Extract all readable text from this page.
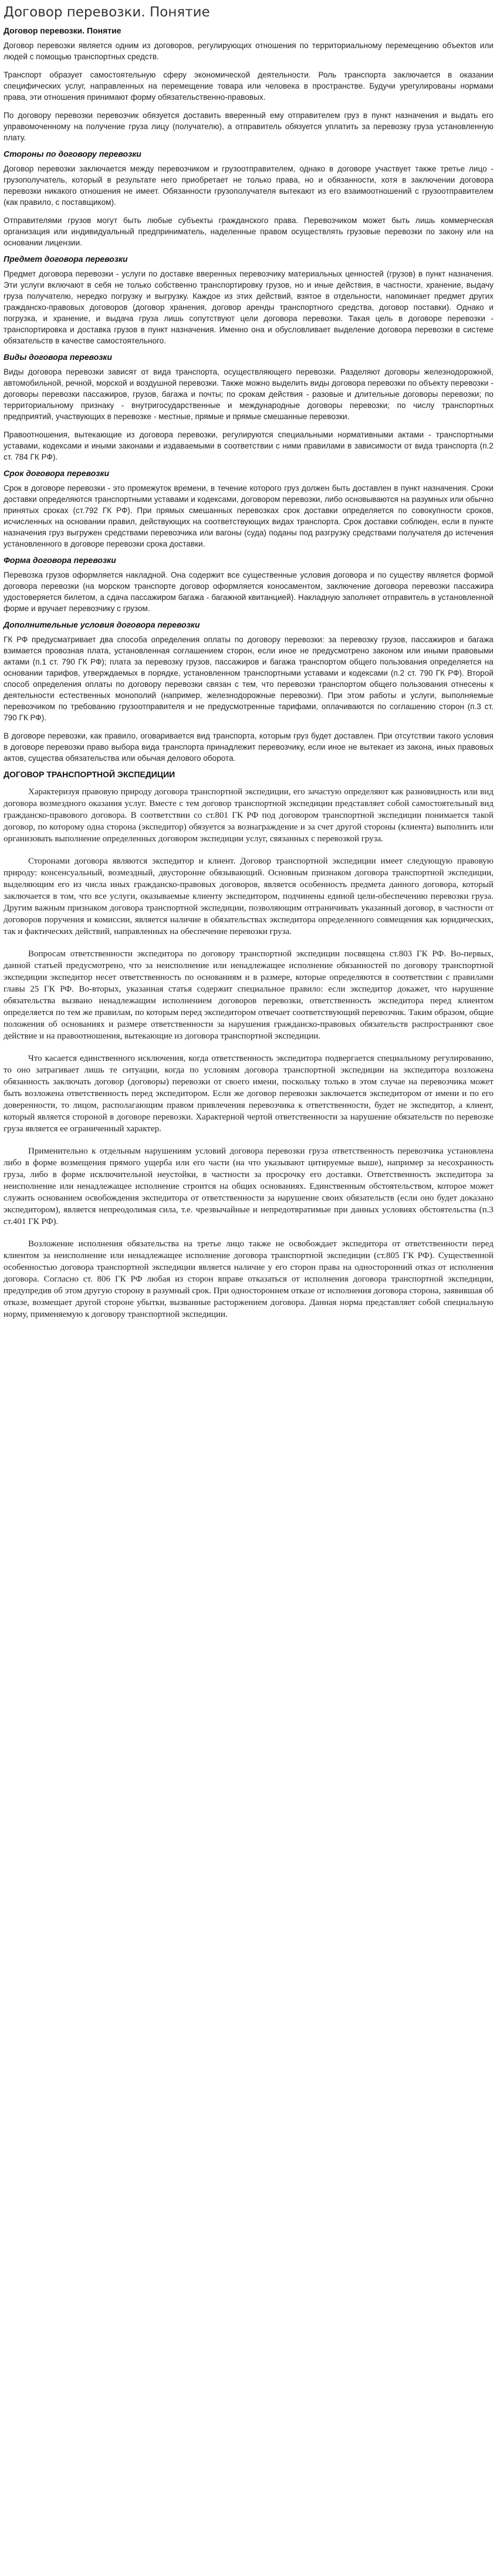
Договор перевозки. Понятие
Договор перевозки. Понятие

Договор перевозки является одним из договоров, регулирующих отношения по территориальному перемещению объектов или людей с помощью транспортных средств.

Транспорт образует самостоятельную сферу экономической деятельности. Роль транспорта заключается в оказании специфических услуг, направленных на перемещение товара или человека в пространстве. Будучи урегулированы нормами права, эти отношения принимают форму обязательственно-правовых.

По договору перевозки перевозчик обязуется доставить вверенный ему отправителем груз в пункт назначения и выдать его управомоченному на получение груза лицу (получателю), а отправитель обязуется уплатить за перевозку груза установленную плату.

Стороны по договору перевозки

Договор перевозки заключается между перевозчиком и грузоотправителем, однако в договоре участвует также третье лицо - грузополучатель, который в результате него приобретает не только права, но и обязанности, хотя в заключении договора перевозки никакого отношения не имеет. Обязанности грузополучателя вытекают из его взаимоотношений с грузоотправителем (как правило, с поставщиком).

Отправителями грузов могут быть любые субъекты гражданского права. Перевозчиком может быть лишь коммерческая организация или индивидуальный предприниматель, наделенные правом осуществлять грузовые перевозки по закону или на основании лицензии.

Предмет договора перевозки

Предмет договора перевозки - услуги по доставке вверенных перевозчику материальных ценностей (грузов) в пункт назначения. Эти услуги включают в себя не только собственно транспортировку грузов, но и иные действия, в частности, хранение, выдачу груза получателю, нередко погрузку и выгрузку. Каждое из этих действий, взятое в отдельности, напоминает предмет других гражданско-правовых договоров (договор хранения, договор аренды транспортного средства, договор поставки). Однако и погрузка, и хранение, и выдача груза лишь сопутствуют цели договора перевозки. Такая цель в договоре перевозки - транспортировка и доставка грузов в пункт назначения. Именно она и обусловливает выделение договора перевозки в системе обязательств в качестве самостоятельного.

Виды договора перевозки

Виды договора перевозки зависят от вида транспорта, осуществляющего перевозки. Разделяют договоры железнодорожной, автомобильной, речной, морской и воздушной перевозки. Также можно выделить виды договора перевозки по объекту перевозки - договоры перевозки пассажиров, грузов, багажа и почты; по срокам действия - разовые и длительные договоры перевозки; по территориальному признаку - внутригосударственные и международные договоры перевозки; по числу транспортных предприятий, участвующих в перевозке - местные, прямые и прямые смешанные перевозки.

Правоотношения, вытекающие из договора перевозки, регулируются специальными нормативными актами - транспортными уставами, кодексами и иными законами и издаваемыми в соответствии с ними правилами в зависимости от вида транспорта (п.2 ст. 784 ГК РФ).

Срок договора перевозки

Срок в договоре перевозки - это промежуток времени, в течение которого груз должен быть доставлен в пункт назначения. Сроки доставки определяются транспортными уставами и кодексами, договором перевозки, либо основываются на разумных или обычно принятых сроках (ст.792 ГК РФ). При прямых смешанных перевозках срок доставки определяется по совокупности сроков, исчисленных на основании правил, действующих на соответствующих видах транспорта. Срок доставки соблюден, если в пункте назначения груз выгружен средствами перевозчика или вагоны (суда) поданы под разгрузку средствами получателя до истечения установленного в договоре перевозки срока доставки.

Форма договора перевозки

Перевозка грузов оформляется накладной. Она содержит все существенные условия договора и по существу является формой договора перевозки (на морском транспорте договор оформляется коносаментом, заключение договора перевозки пассажира удостоверяется билетом, а сдача пассажиром багажа - багажной квитанцией). Накладную заполняет отправитель в установленной форме и вручает перевозчику с грузом.

Дополнительные условия договора перевозки

ГК РФ предусматривает два способа определения оплаты по договору перевозки: за перевозку грузов, пассажиров и багажа взимается провозная плата, установленная соглашением сторон, если иное не предусмотрено законом или иными правовыми актами (п.1 ст. 790 ГК РФ); плата за перевозку грузов, пассажиров и багажа транспортом общего пользования определяется на основании тарифов, утверждаемых в порядке, установленном транспортными уставами и кодексами (п.2 ст. 790 ГК РФ). Второй способ определения оплаты по договору перевозки связан с тем, что перевозки транспортом общего пользования отнесены к деятельности естественных монополий (например, железнодорожные перевозки). При этом работы и услуги, выполняемые перевозчиком по требованию грузоотправителя и не предусмотренные тарифами, оплачиваются по соглашению сторон (п.3 ст. 790 ГК РФ).

В договоре перевозки, как правило, оговаривается вид транспорта, которым груз будет доставлен. При отсутствии такого условия в договоре перевозки право выбора вида транспорта принадлежит перевозчику, если иное не вытекает из закона, иных правовых актов, существа обязательства или обычая делового оборота.

ДОГОВОР ТРАНСПОРТНОЙ ЭКСПЕДИЦИИ

Характеризуя правовую природу договора транспортной экспедиции, его зачастую определяют как разновидность или вид договора возмездного оказания услуг. Вместе с тем договор транспортной экспедиции представляет собой самостоятельный вид гражданско-правового договора. В соответствии со ст.801 ГК РФ под договором транспортной экспедиции понимается такой договор, по которому одна сторона (экспедитор) обязуется за вознаграждение и за счет другой стороны (клиента) выполнить или организовать выполнение определенных договором экспедиции услуг, связанных с перевозкой груза.

Сторонами договора являются экспедитор и клиент. Договор транспортной экспедиции имеет следующую правовую природу: консенсуальный, возмездный, двусторонне обязывающий. Основным признаком договора транспортной экспедиции, выделяющим его из числа иных гражданско-правовых договоров, является особенность предмета данного договора, который заключается в том, что все услуги, оказываемые клиенту экспедитором, подчинены единой цели-обеспечению перевозки груза. Другим важным признаком договора транспортной экспедиции, позволяющим отграничивать указанный договор, в частности от договоров поручения и комиссии, является наличие в обязательствах экспедитора определенного совмещения как юридических, так и фактических действий, направленных на обеспечение перевозки груза.

Вопросам ответственности экспедитора по договору транспортной экспедиции посвящена ст.803 ГК РФ. Во-первых, данной статьей предусмотрено, что за неисполнение или ненадлежащее исполнение обязанностей по договору транспортной экспедиции экспедитор несет ответственность по основаниям и в размере, которые определяются в соответствии с правилами главы 25 ГК РФ. Во-вторых, указанная статья содержит специальное правило: если экспедитор докажет, что нарушение обязательства вызвано ненадлежащим исполнением договоров перевозки, ответственность экспедитора перед клиентом определяется по тем же правилам, по которым перед экспедитором отвечает соответствующий перевозчик. Таким образом, общие положения об основаниях и размере ответственности за нарушения гражданско-правовых обязательств распространяют свое действие и на правоотношения, вытекающие из договора транспортной экспедиции.

Что касается единственного исключения, когда ответственность экспедитора подвергается специальному регулированию, то оно затрагивает лишь те ситуации, когда по условиям договора транспортной экспедиции на экспедитора возложена обязанность заключать договор (договоры) перевозки от своего имени, поскольку только в этом случае на перевозчика может быть возложена ответственность перед экспедитором. Если же договор перевозки заключается экспедитором от имени и по его доверенности, то лицом, располагающим правом привлечения перевозчика к ответственности, будет не экспедитор, а клиент, который является стороной в договоре перевозки. Характерной чертой ответственности за нарушение обязательств по перевозке груза является ее ограниченный характер.

Применительно к отдельным нарушениям условий договора перевозки груза ответственность перевозчика установлена либо в форме возмещения прямого ущерба или его части (на что указывают цитируемые выше), например за несохранность груза, либо в форме исключительной неустойки, в частности за просрочку его доставки. Ответственность экспедитора за неисполнение или ненадлежащее исполнение строится на общих основаниях. Единственным обстоятельством, которое может служить основанием освобождения экспедитора от ответственности за нарушение своих обязательств (если оно будет доказано экспедитором), является непреодолимая сила, т.е. чрезвычайные и непредотвратимые при данных условиях обстоятельства (п.3 ст.401 ГК РФ).

Возложение исполнения обязательства на третье лицо также не освобождает экспедитора от ответственности перед клиентом за неисполнение или ненадлежащее исполнение договора транспортной экспедиции (ст.805 ГК РФ). Существенной особенностью договора транспортной экспедиции является наличие у его сторон права на односторонний отказ от исполнения договора. Согласно ст. 806 ГК РФ любая из сторон вправе отказаться от исполнения договора транспортной экспедиции, предупредив об этом другую сторону в разумный срок. При одностороннем отказе от исполнения договора сторона, заявившая об отказе, возмещает другой стороне убытки, вызванные расторжением договора. Данная норма представляет собой специальную норму, применяемую к договору транспортной экспедиции.
